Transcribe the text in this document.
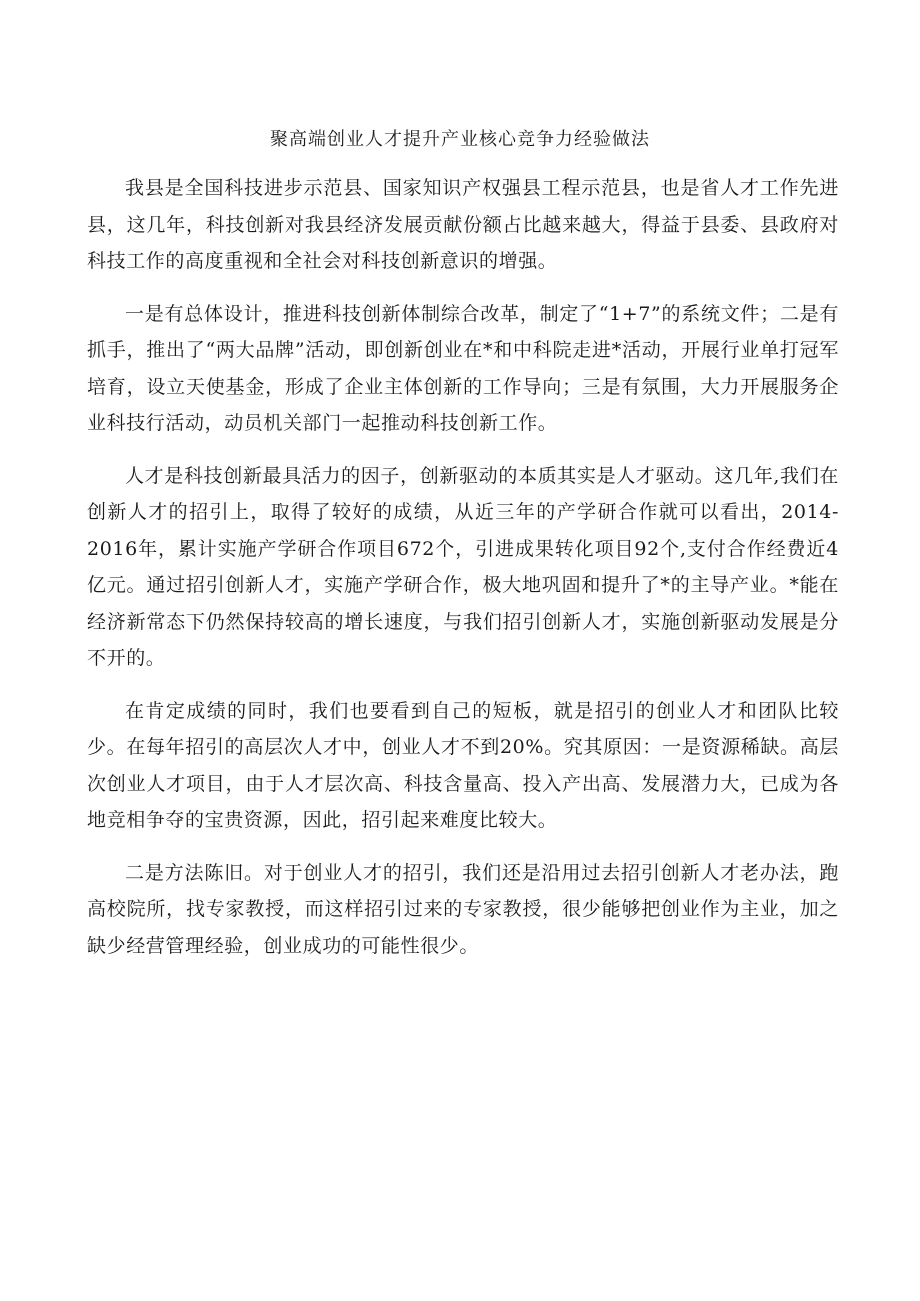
聚高端创业人才提升产业核心竞争力经验做法

我县是全国科技进步示范县、国家知识产权强县工程示范县，也是省人才工作先进县，这几年，科技创新对我县经济发展贡献份额占比越来越大，得益于县委、县政府对科技工作的高度重视和全社会对科技创新意识的增强。

一是有总体设计，推进科技创新体制综合改革，制定了“1+7”的系统文件；二是有抓手，推出了“两大品牌”活动，即创新创业在*和中科院走进*活动，开展行业单打冠军培育，设立天使基金，形成了企业主体创新的工作导向；三是有氛围，大力开展服务企业科技行活动，动员机关部门一起推动科技创新工作。

人才是科技创新最具活力的因子，创新驱动的本质其实是人才驱动。这几年,我们在创新人才的招引上，取得了较好的成绩，从近三年的产学研合作就可以看出，2014-2016年，累计实施产学研合作项目672个，引进成果转化项目92个,支付合作经费近4亿元。通过招引创新人才，实施产学研合作，极大地巩固和提升了*的主导产业。*能在经济新常态下仍然保持较高的增长速度，与我们招引创新人才，实施创新驱动发展是分不开的。

在肯定成绩的同时，我们也要看到自己的短板，就是招引的创业人才和团队比较少。在每年招引的高层次人才中，创业人才不到20%。究其原因：一是资源稀缺。高层次创业人才项目，由于人才层次高、科技含量高、投入产出高、发展潜力大，已成为各地竞相争夺的宝贵资源，因此，招引起来难度比较大。

二是方法陈旧。对于创业人才的招引，我们还是沿用过去招引创新人才老办法，跑高校院所，找专家教授，而这样招引过来的专家教授，很少能够把创业作为主业，加之缺少经营管理经验，创业成功的可能性很少。
